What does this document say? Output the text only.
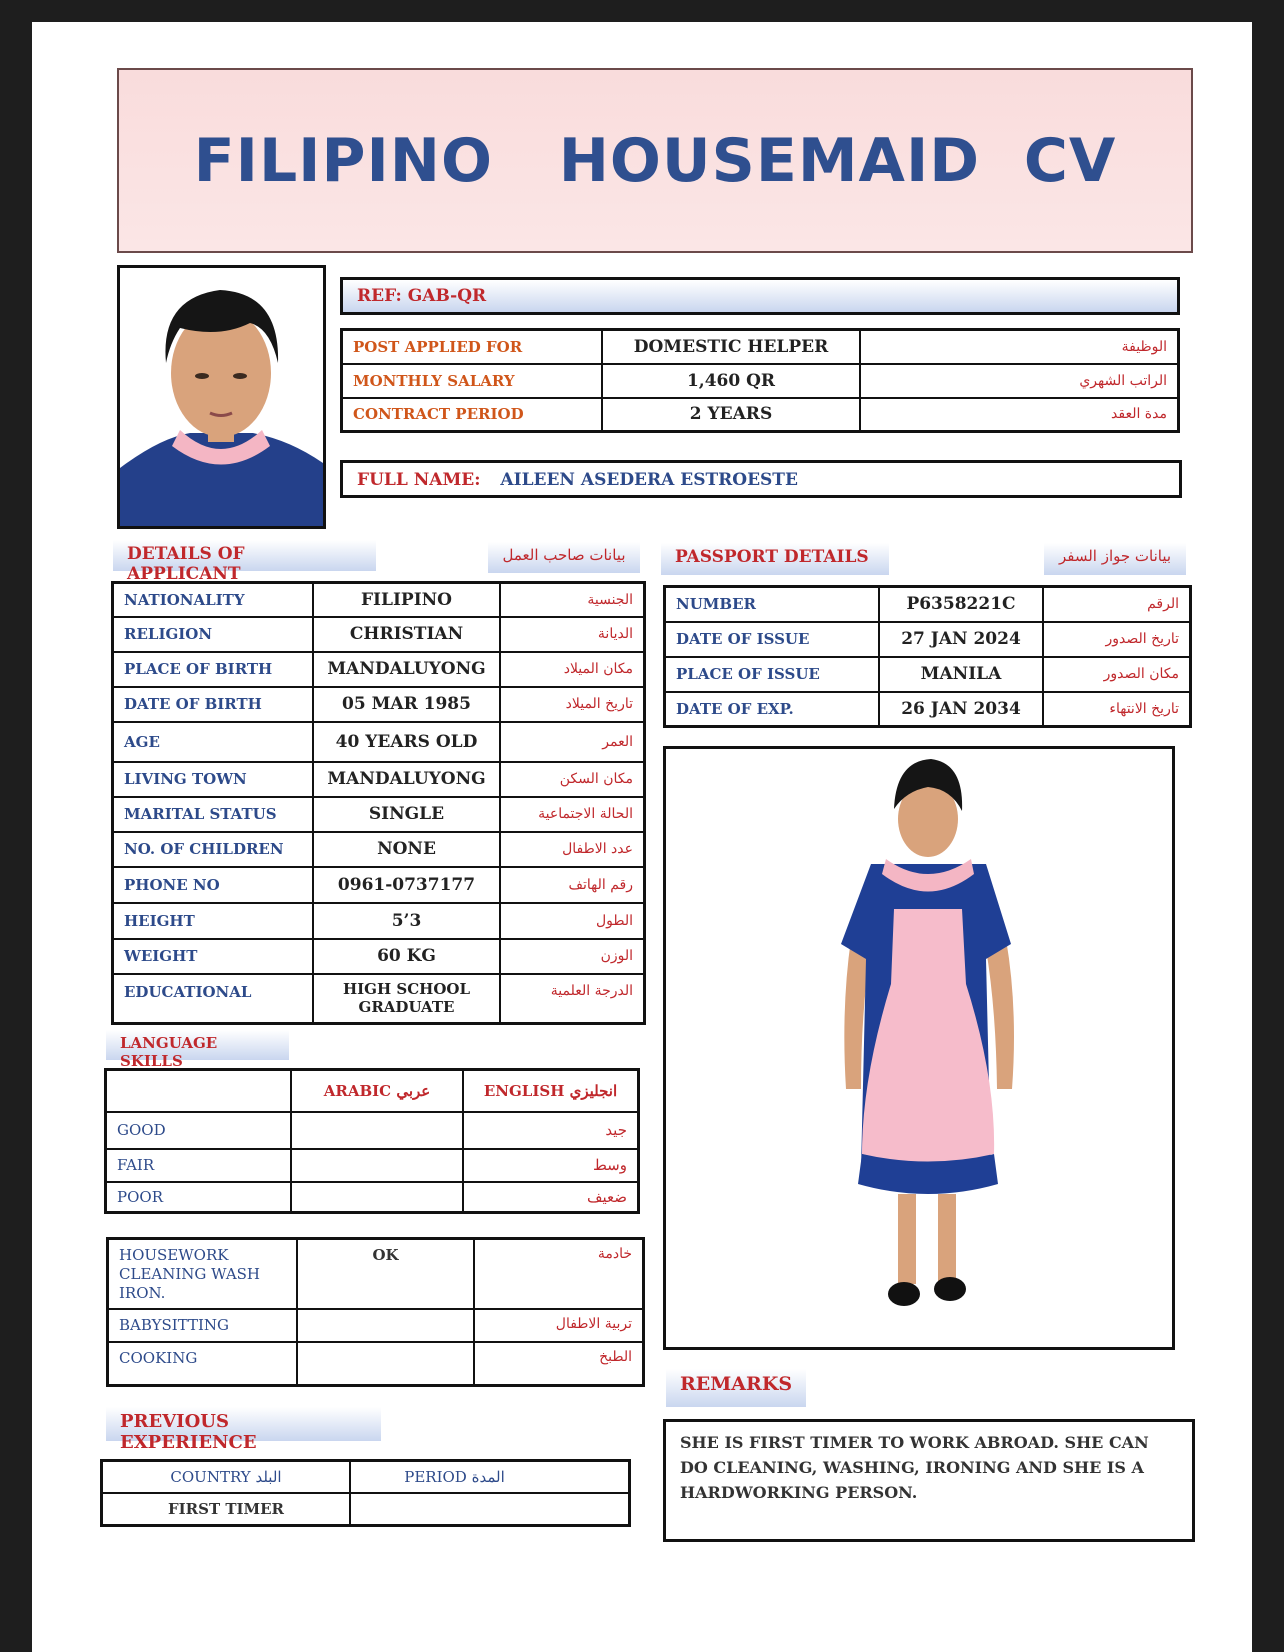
FILIPINO   HOUSEMAID  CV
REF: GAB-QR
POST APPLIED FOR	DOMESTIC HELPER	الوظيفة
MONTHLY SALARY	1,460 QR	الراتب الشهري
CONTRACT PERIOD	2 YEARS	مدة العقد
FULL NAME: AILEEN ASEDERA ESTROESTE
DETAILS OF APPLICANT
بيانات صاحب العمل
NATIONALITY	FILIPINO	الجنسية
RELIGION	CHRISTIAN	الديانة
PLACE OF BIRTH	MANDALUYONG	مكان الميلاد
DATE OF BIRTH	05 MAR 1985	تاريخ الميلاد
AGE	40 YEARS OLD	العمر
LIVING TOWN	MANDALUYONG	مكان السكن
MARITAL STATUS	SINGLE	الحالة الاجتماعية
NO. OF CHILDREN	NONE	عدد الاطفال
PHONE NO	0961-0737177	رقم الهاتف
HEIGHT	5’3	الطول
WEIGHT	60 KG	الوزن
EDUCATIONAL	HIGH SCHOOL GRADUATE	الدرجة العلمية
PASSPORT DETAILS	بيانات جواز السفر
NUMBER	P6358221C	الرقم
DATE OF ISSUE	27 JAN 2024	تاريخ الصدور
PLACE OF ISSUE	MANILA	مكان الصدور
DATE OF EXP.	26 JAN 2034	تاريخ الانتهاء
LANGUAGE SKILLS
	ARABIC عربي	ENGLISH انجليزي
GOOD		جيد
FAIR		وسط
POOR		ضعيف
HOUSEWORK CLEANING WASH IRON.	OK	خادمة
BABYSITTING		تربية الاطفال
COOKING		الطبخ
PREVIOUS EXPERIENCE
COUNTRY البلد	PERIOD المدة
FIRST TIMER	
REMARKS
SHE IS FIRST TIMER TO WORK ABROAD. SHE CAN DO CLEANING, WASHING, IRONING AND SHE IS A HARDWORKING PERSON.
